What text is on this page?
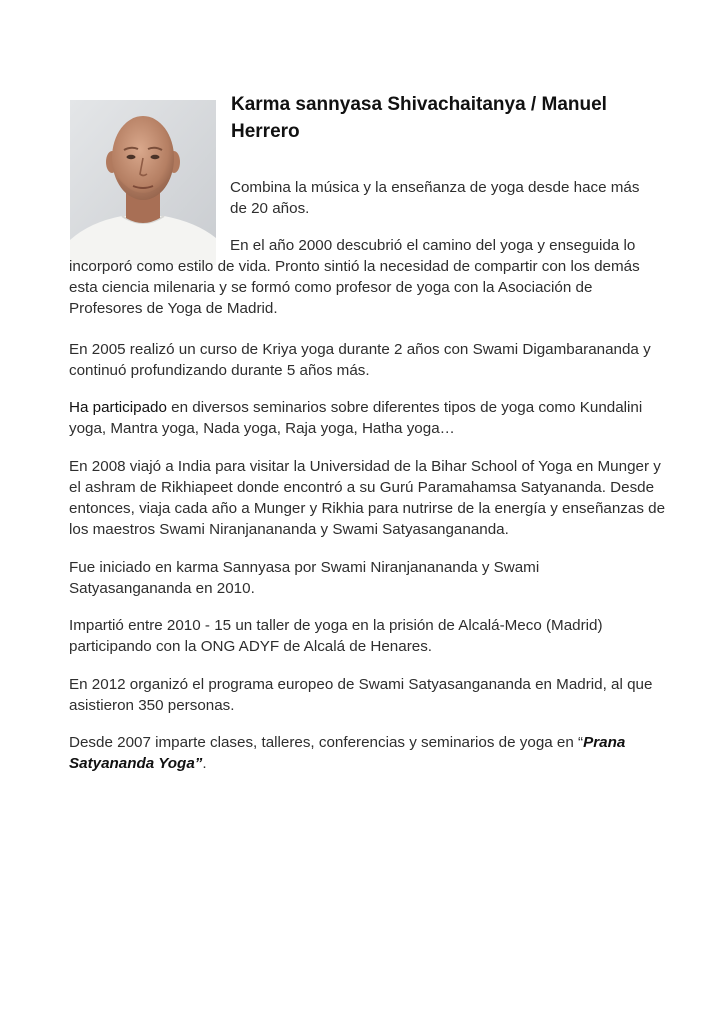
Karma sannyasa Shivachaitanya / Manuel Herrero

Combina la música y la enseñanza de yoga desde hace más de 20 años.

En el año 2000 descubrió el camino del yoga y enseguida lo incorporó como estilo de vida. Pronto sintió la necesidad de compartir con los demás esta ciencia milenaria y se formó como profesor de yoga con la Asociación de Profesores de Yoga de Madrid.

En 2005 realizó un curso de Kriya yoga durante 2 años con Swami Digambarananda y continuó profundizando durante 5 años más.

Ha participado en diversos seminarios sobre diferentes tipos de yoga como Kundalini yoga, Mantra yoga, Nada yoga, Raja yoga, Hatha yoga…

En 2008 viajó a India para visitar la Universidad de la Bihar School of Yoga en Munger y el ashram de Rikhiapeet donde encontró a su Gurú Paramahamsa Satyananda. Desde entonces, viaja cada año a Munger y Rikhia para nutrirse de la energía y enseñanzas de los maestros Swami Niranjanananda y Swami Satyasangananda.

Fue iniciado en karma Sannyasa por Swami Niranjanananda y Swami Satyasangananda en 2010.

Impartió entre 2010 - 15 un taller de yoga en la prisión de Alcalá-Meco (Madrid) participando con la ONG ADYF de Alcalá de Henares.

En 2012 organizó el programa europeo de Swami Satyasangananda en Madrid, al que asistieron 350 personas.

Desde 2007 imparte clases, talleres, conferencias y seminarios de yoga en “Prana Satyananda Yoga”.
